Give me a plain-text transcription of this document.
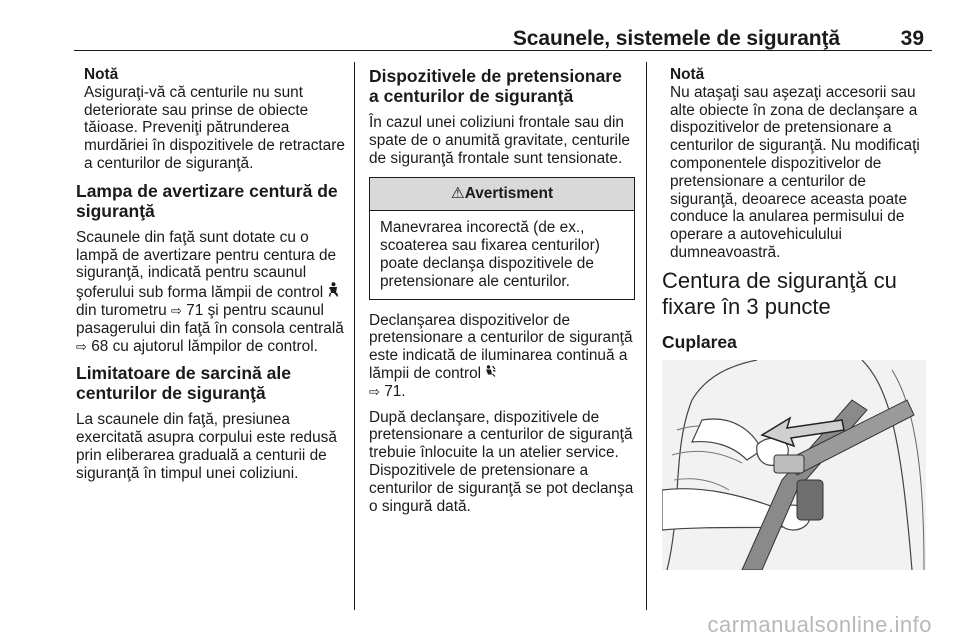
Scaunele, sistemele de siguranţă	39
Notă
Asiguraţi-vă că centurile nu sunt deteriorate sau prinse de obiecte tăioase. Preveniţi pătrunderea murdăriei în dispozitivele de retractare a centurilor de siguranţă.
Lampa de avertizare centură de siguranţă

Scaunele din faţă sunt dotate cu o lampă de avertizare pentru centura de siguranţă, indicată pentru scaunul şoferului sub forma lămpii de control  din turometru ⇨ 71 şi pentru scaunul pasagerului din faţă în consola centrală ⇨ 68 cu ajutorul lămpilor de control.

Limitatoare de sarcină ale centurilor de siguranţă

La scaunele din faţă, presiunea exercitată asupra corpului este redusă prin eliberarea graduală a centurii de siguranţă în timpul unei coliziuni.

Dispozitivele de pretensionare a centurilor de siguranţă

În cazul unei coliziuni frontale sau din spate de o anumită gravitate, centurile de siguranţă frontale sunt tensionate.

⚠Avertisment
Manevrarea incorectă (de ex., scoaterea sau fixarea centurilor) poate declanşa dispozitivele de pretensionare ale centurilor.

Declanşarea dispozitivelor de pretensionare a centurilor de siguranţă este indicată de iluminarea continuă a lămpii de control
⇨ 71.

După declanşare, dispozitivele de pretensionare a centurilor de siguranţă trebuie înlocuite la un atelier service. Dispozitivele de pretensionare a centurilor de siguranţă se pot declanşa o singură dată.

Notă
Nu ataşaţi sau aşezaţi accesorii sau alte obiecte în zona de declanşare a dispozitivelor de pretensionare a centurilor de siguranţă. Nu modificaţi componentele dispozitivelor de pretensionare a centurilor de siguranţă, deoarece aceasta poate conduce la anularea permisului de operare a autovehiculului dumneavoastră.
Centura de siguranţă cu fixare în 3 puncte
Cuplarea
carmanualsonline.info
